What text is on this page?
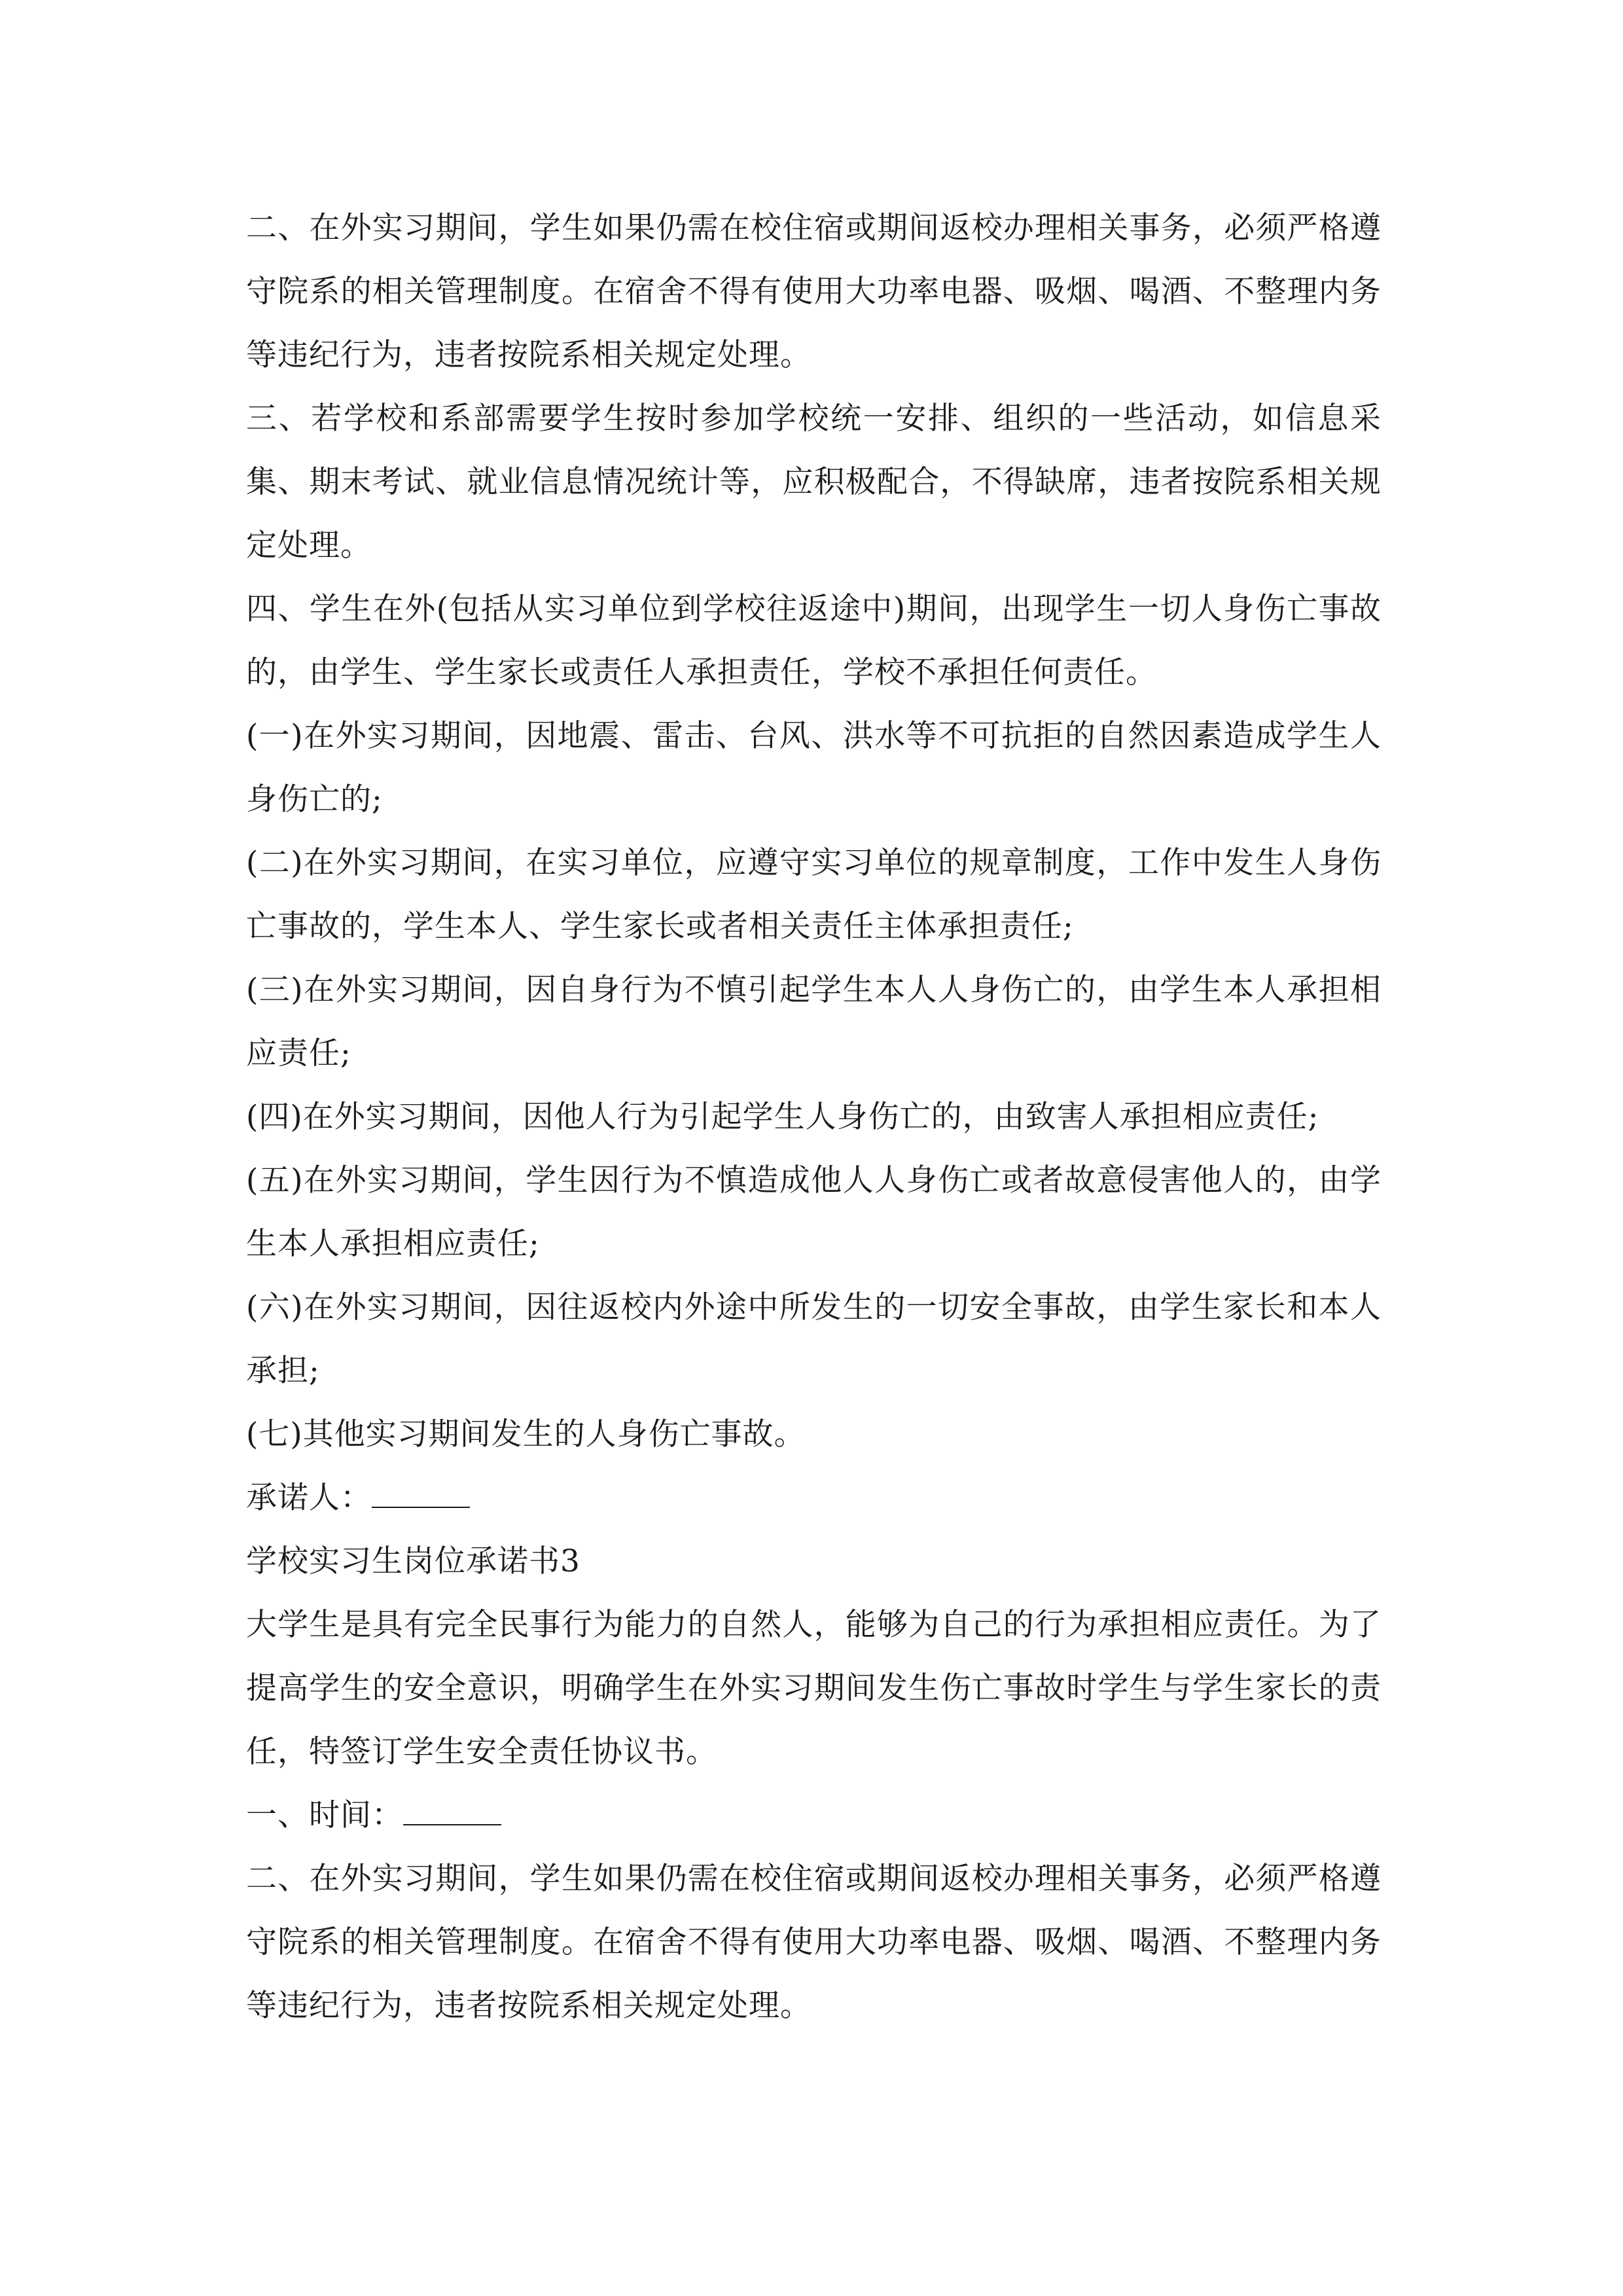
二、在外实习期间，学生如果仍需在校住宿或期间返校办理相关事务，必须严格遵守院系的相关管理制度。在宿舍不得有使用大功率电器、吸烟、喝酒、不整理内务等违纪行为，违者按院系相关规定处理。

三、若学校和系部需要学生按时参加学校统一安排、组织的一些活动，如信息采集、期末考试、就业信息情况统计等，应积极配合，不得缺席，违者按院系相关规定处理。

四、学生在外(包括从实习单位到学校往返途中)期间，出现学生一切人身伤亡事故的，由学生、学生家长或责任人承担责任，学校不承担任何责任。

(一)在外实习期间，因地震、雷击、台风、洪水等不可抗拒的自然因素造成学生人身伤亡的;

(二)在外实习期间，在实习单位，应遵守实习单位的规章制度，工作中发生人身伤亡事故的，学生本人、学生家长或者相关责任主体承担责任;

(三)在外实习期间，因自身行为不慎引起学生本人人身伤亡的，由学生本人承担相应责任;

(四)在外实习期间，因他人行为引起学生人身伤亡的，由致害人承担相应责任;

(五)在外实习期间，学生因行为不慎造成他人人身伤亡或者故意侵害他人的，由学生本人承担相应责任;

(六)在外实习期间，因往返校内外途中所发生的一切安全事故，由学生家长和本人承担;

(七)其他实习期间发生的人身伤亡事故。

承诺人：

学校实习生岗位承诺书3

大学生是具有完全民事行为能力的自然人，能够为自己的行为承担相应责任。为了提高学生的安全意识，明确学生在外实习期间发生伤亡事故时学生与学生家长的责任，特签订学生安全责任协议书。

一、时间：

二、在外实习期间，学生如果仍需在校住宿或期间返校办理相关事务，必须严格遵守院系的相关管理制度。在宿舍不得有使用大功率电器、吸烟、喝酒、不整理内务等违纪行为，违者按院系相关规定处理。
